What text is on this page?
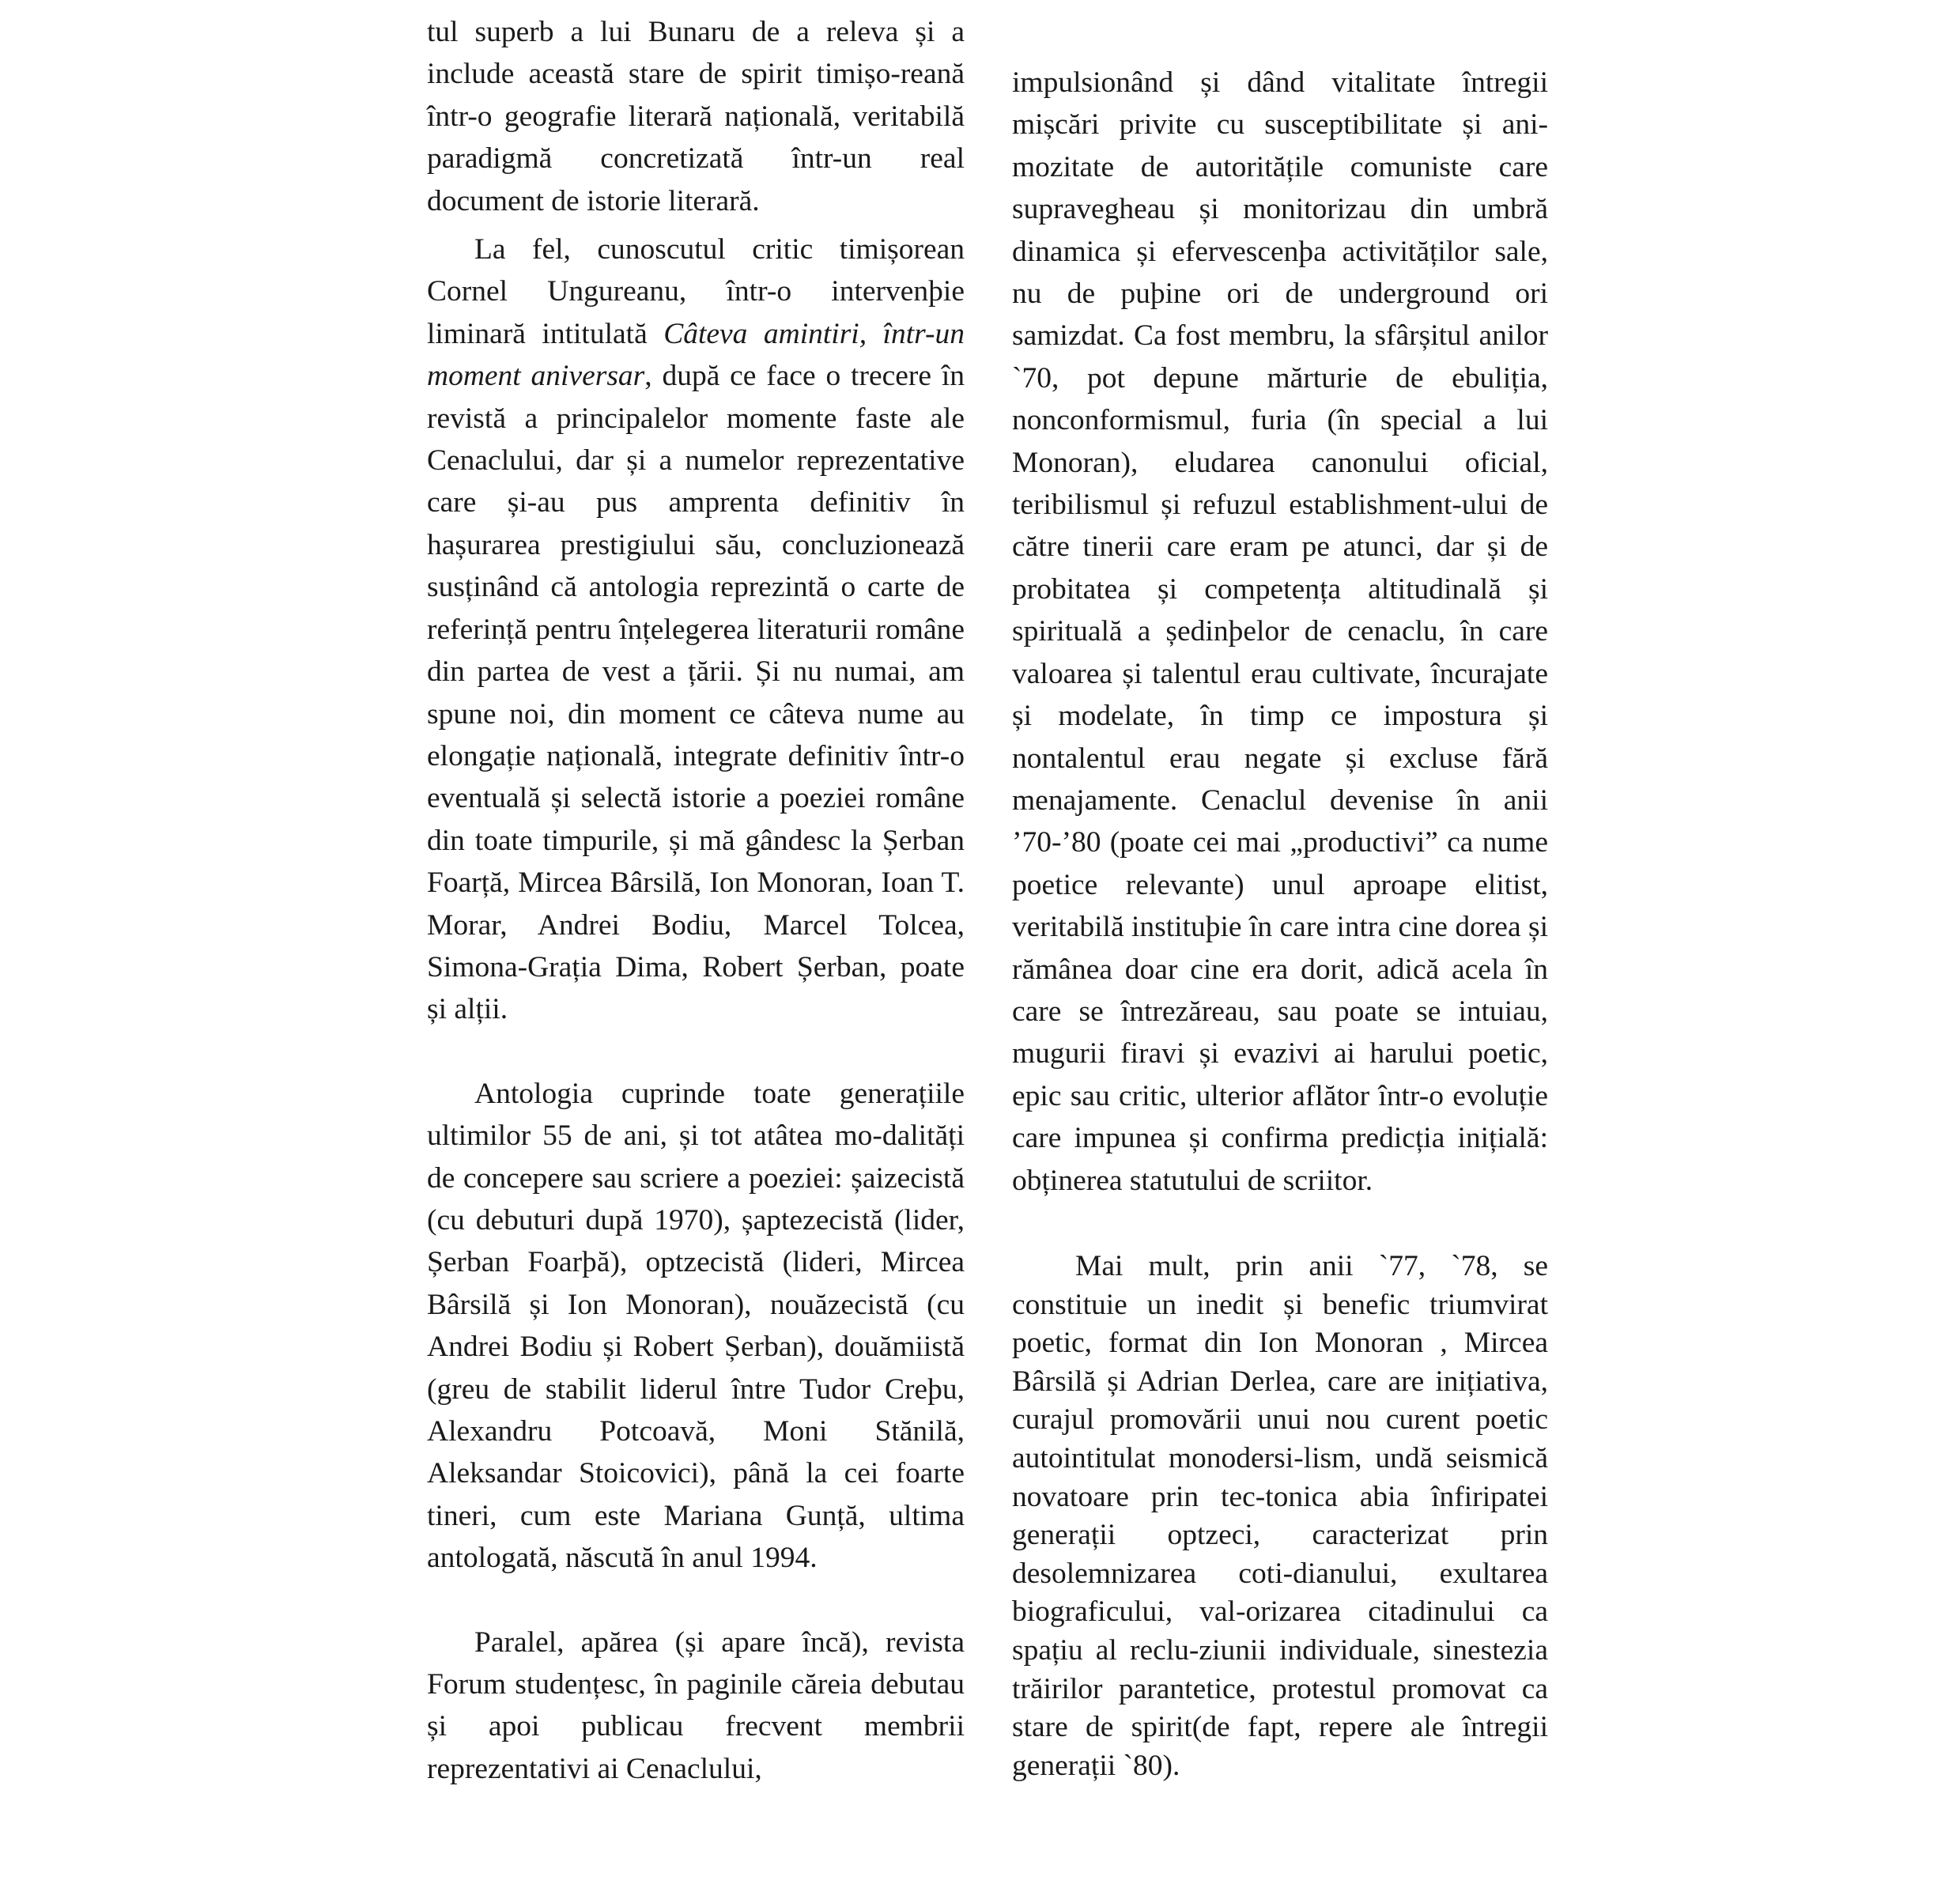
tul superb a lui Bunaru de a releva și a include această stare de spirit timișo-reană într-o geografie literară națională, veritabilă paradigmă concretizată într-un real document de istorie literară.

La fel, cunoscutul critic timișorean Cornel Ungureanu, într-o intervenþie liminară intitulată Câteva amintiri, într-un moment aniversar, după ce face o trecere în revistă a principalelor momente faste ale Cenaclului, dar și a numelor reprezentative care și-au pus amprenta definitiv în hașurarea prestigiului său, concluzionează susținând că antologia reprezintă o carte de referință pentru înțelegerea literaturii române din partea de vest a țării. Și nu numai, am spune noi, din moment ce câteva nume au elongație națională, integrate definitiv într-o eventuală și selectă istorie a poeziei române din toate timpurile, și mă gândesc la Șerban Foarță, Mircea Bârsilă, Ion Monoran, Ioan T. Morar, Andrei Bodiu, Marcel Tolcea, Simona-Grația Dima, Robert Șerban, poate și alții.

Antologia cuprinde toate generațiile ultimilor 55 de ani, și tot atâtea mo-dalități de concepere sau scriere a poeziei: șaizecistă (cu debuturi după 1970), șaptezecistă (lider, Șerban Foarþă), optzecistă (lideri, Mircea Bârsilă și Ion Monoran), nouăzecistă (cu Andrei Bodiu și Robert Șerban), douămiistă (greu de stabilit liderul între Tudor Creþu, Alexandru Potcoavă, Moni Stănilă, Aleksandar Stoicovici), până la cei foarte tineri, cum este Mariana Gunță, ultima antologată, născută în anul 1994.

Paralel, apărea (și apare încă), revista Forum studențesc, în paginile căreia debutau și apoi publicau frecvent membrii reprezentativi ai Cenaclului,

impulsionând și dând vitalitate întregii mișcări privite cu susceptibilitate și ani-mozitate de autoritățile comuniste care supravegheau și monitorizau din umbră dinamica și efervescenþa activităților sale, nu de puþine ori de underground ori samizdat. Ca fost membru, la sfârșitul anilor `70, pot depune mărturie de ebuliția, nonconformismul, furia (în special a lui Monoran), eludarea canonului oficial, teribilismul și refuzul establishment-ului de către tinerii care eram pe atunci, dar și de probitatea și competența altitudinală și spirituală a ședinþelor de cenaclu, în care valoarea și talentul erau cultivate, încurajate și modelate, în timp ce impostura și nontalentul erau negate și excluse fără menajamente. Cenaclul devenise în anii ’70-’80 (poate cei mai „productivi” ca nume poetice relevante) unul aproape elitist, veritabilă instituþie în care intra cine dorea și rămânea doar cine era dorit, adică acela în care se întrezăreau, sau poate se intuiau, mugurii firavi și evazivi ai harului poetic, epic sau critic, ulterior aflător într-o evoluție care impunea și confirma predicția inițială: obținerea statutului de scriitor.

Mai mult, prin anii `77, `78, se constituie un inedit și benefic triumvirat poetic, format din Ion Monoran , Mircea Bârsilă și Adrian Derlea, care are inițiativa, curajul promovării unui nou curent poetic autointitulat monodersi-lism, undă seismică novatoare prin tec-tonica abia înfiripatei generații optzeci, caracterizat prin desolemnizarea coti-dianului, exultarea biograficului, val-orizarea citadinului ca spațiu al reclu-ziunii individuale, sinestezia trăirilor parantetice, protestul promovat ca stare de spirit(de fapt, repere ale întregii generații `80).
